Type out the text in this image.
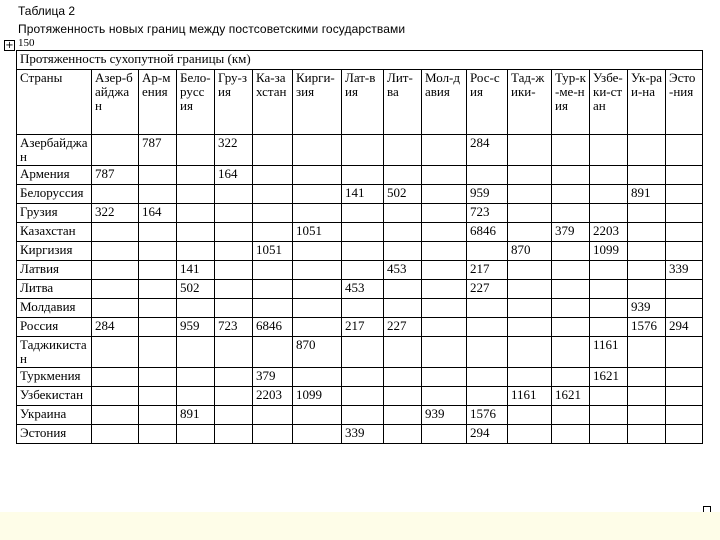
Таблица 2
Протяженность новых границ между постсоветскими государствами
+ 150
Протяженность сухопутной границы (км)															
Страны	Азер-байджан	Ар-мения	Бело-руссия	Гру-зия	Ка-захстан	Кирги-зия	Лат-вия	Лит-ва	Мол-давия	Рос-сия	Тад-жики-	Тур-к-ме-ния	Узбе-ки-стан	Ук-раи-на	Эсто-ния
Азербайджан		787		322						284					
Армения	787			164											
Белоруссия							141	502		959				891	
Грузия	322	164								723					
Казахстан						1051				6846		379	2203		
Киргизия					1051						870		1099		
Латвия			141					453		217					339
Литва			502				453			227					
Молдавия														939	
Россия	284		959	723	6846		217	227						1576	294
Таджикистан						870							1161		
Туркмения					379								1621		
Узбекистан					2203	1099					1161	1621			
Украина			891						939	1576					
Эстония							339			294					
